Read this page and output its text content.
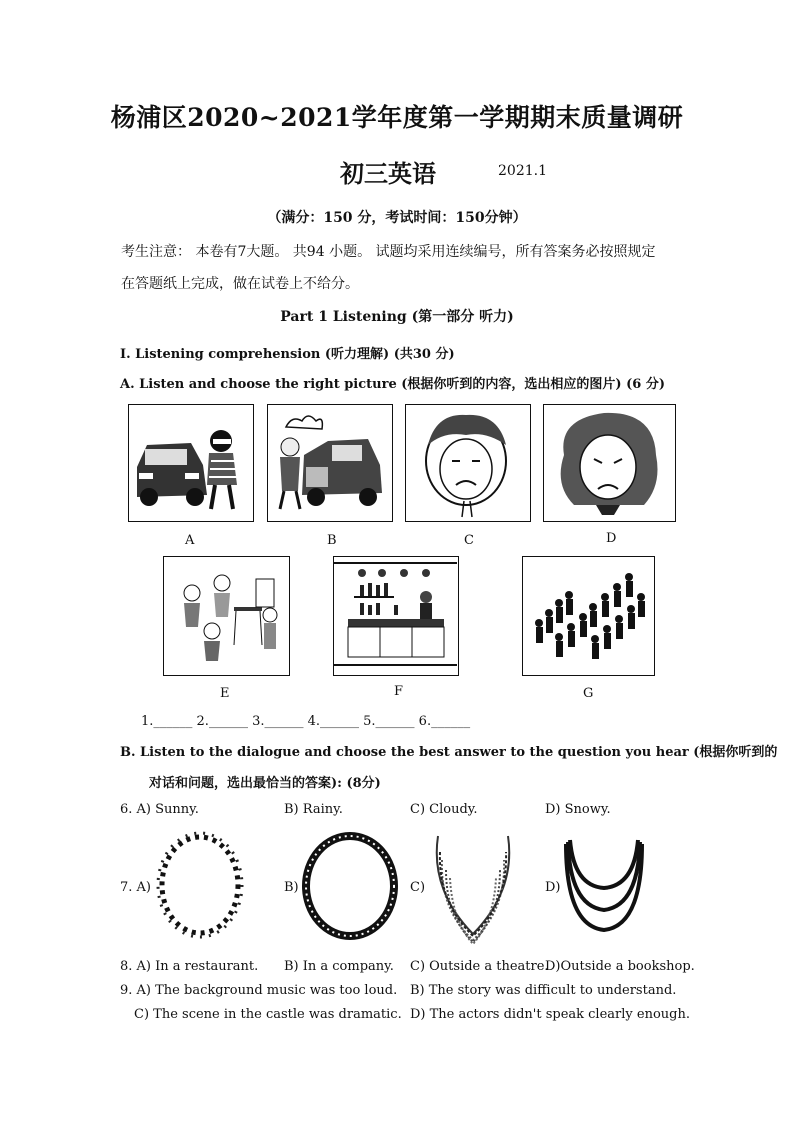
杨浦区2020~2021学年度第一学期期末质量调研
初三英语	2021.1
（满分：150 分，考试时间：150分钟）
考生注意： 本卷有7大题。 共94 小题。 试题均采用连续编号，所有答案务必按照规定
在答题纸上完成，做在试卷上不给分。
Part 1 Listening (第一部分 听力)
I. Listening comprehension (听力理解) (共30 分)
A. Listen and choose the right picture (根据你听到的内容，选出相应的图片) (6 分)
A	B	C	D
E	F	G
1.______ 2.______ 3.______ 4.______ 5.______ 6.______
B. Listen to the dialogue and choose the best answer to the question you hear (根据你听到的
对话和问题，选出最恰当的答案): (8分)
6. A) Sunny.	B) Rainy.	C) Cloudy.	D) Snowy.
7. A)	B)	C)	D)
8. A) In a restaurant. B) In a company. C) Outside a theatre.
D)Outside a bookshop.
9. A) The background music was too loud. B) The story was difficult to understand.
C) The scene in the castle was dramatic. D) The actors didn't speak clearly enough.
